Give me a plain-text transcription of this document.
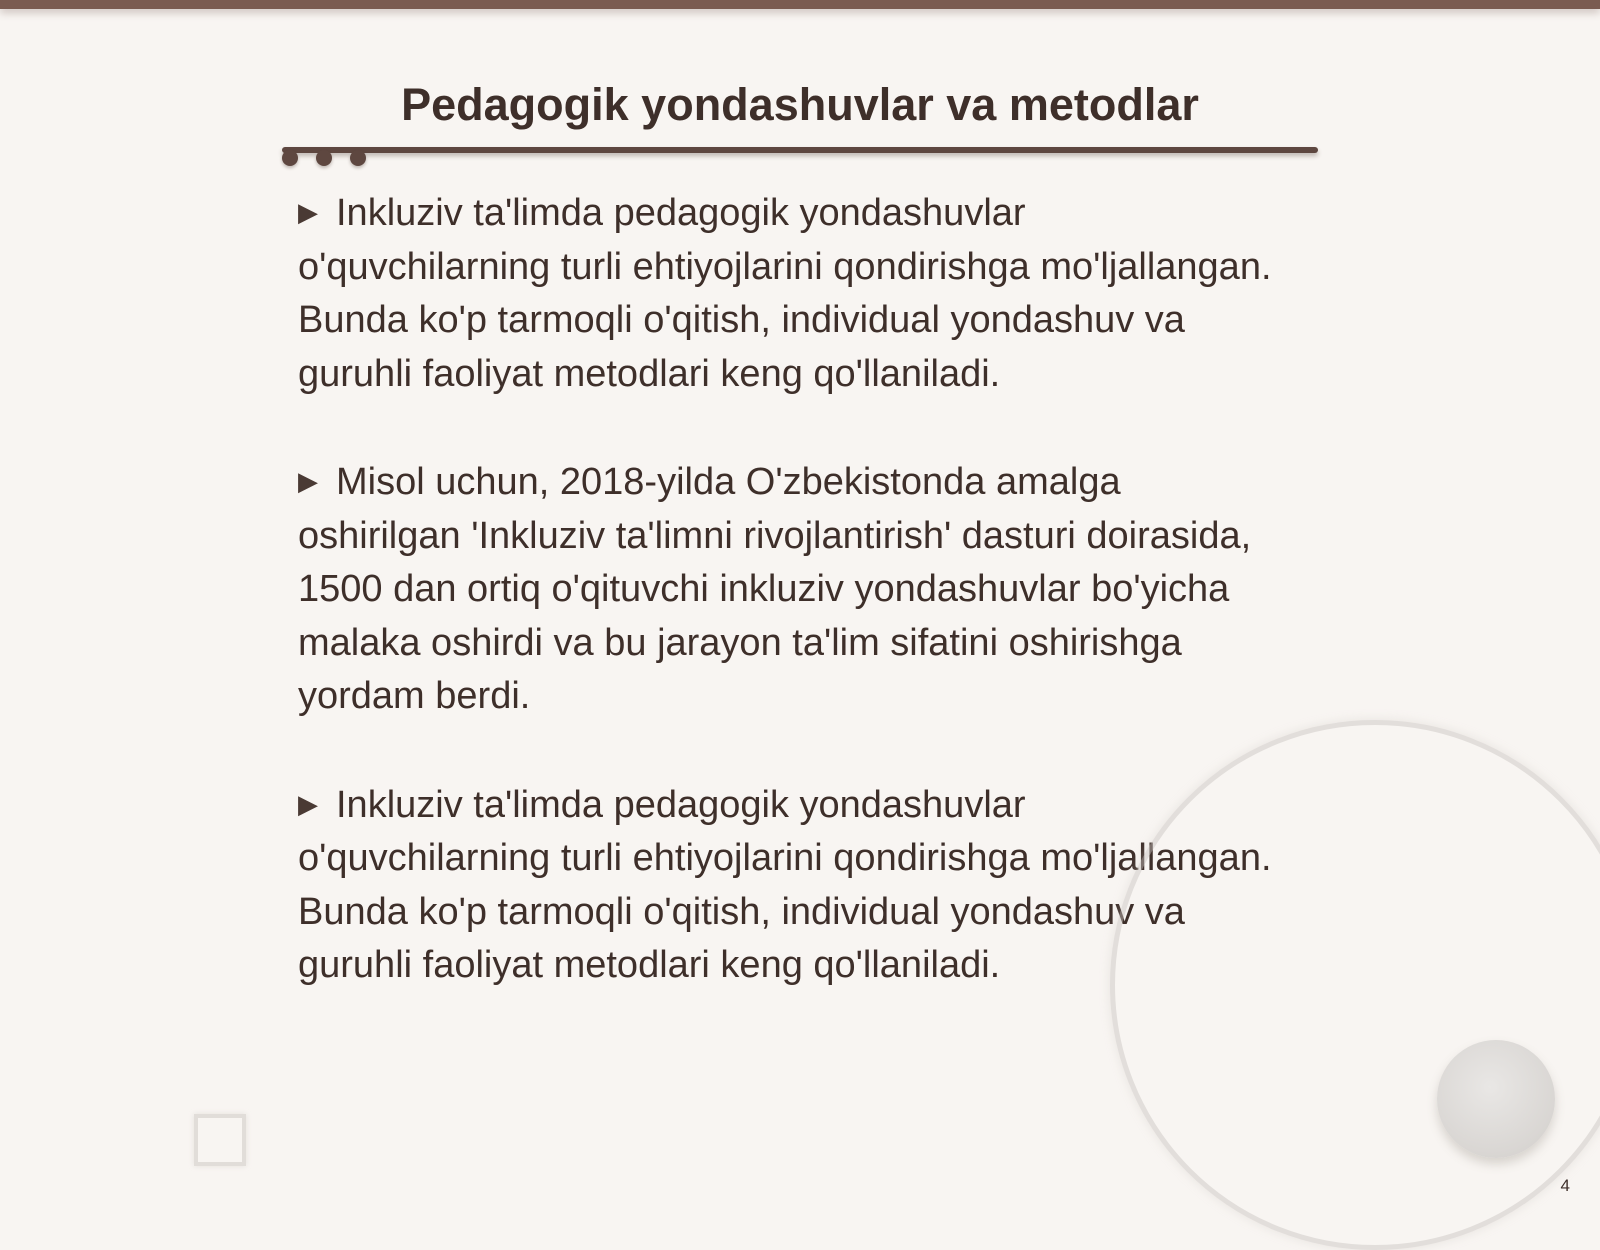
Pedagogik yondashuvlar va metodlar

▶ Inkluziv ta'limda pedagogik yondashuvlar o'quvchilarning turli ehtiyojlarini qondirishga mo'ljallangan. Bunda ko'p tarmoqli o'qitish, individual yondashuv va guruhli faoliyat metodlari keng qo'llaniladi.

▶ Misol uchun, 2018-yilda O'zbekistonda amalga oshirilgan 'Inkluziv ta'limni rivojlantirish' dasturi doirasida, 1500 dan ortiq o'qituvchi inkluziv yondashuvlar bo'yicha malaka oshirdi va bu jarayon ta'lim sifatini oshirishga yordam berdi.

▶ Inkluziv ta'limda pedagogik yondashuvlar o'quvchilarning turli ehtiyojlarini qondirishga mo'ljallangan. Bunda ko'p tarmoqli o'qitish, individual yondashuv va guruhli faoliyat metodlari keng qo'llaniladi.

4
